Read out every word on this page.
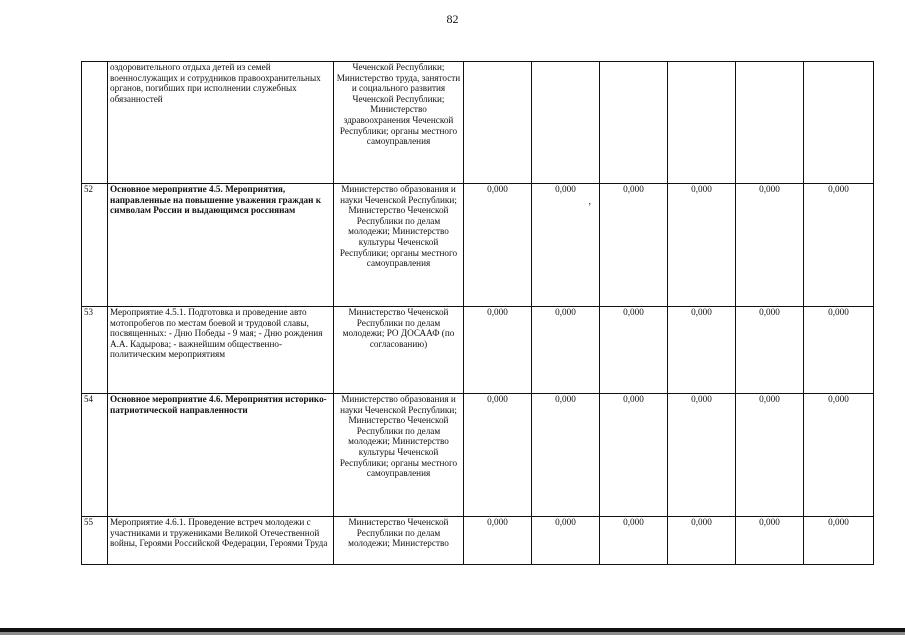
82
	оздоровительного отдыха детей из семей военнослужащих и сотрудников правоохранительных органов, погибших при исполнении служебных обязанностей	Чеченской Республики; Министерство труда, занятости и социального развития Чеченской Республики; Министерство здравоохранения Чеченской Республики; органы местного самоуправления						
52	Основное мероприятие 4.5. Мероприятия, направленные на повышение уважения граждан к символам России и выдающимся россиянам	Министерство образования и науки Чеченской Республики; Министерство Чеченской Республики по делам молодежи; Министерство культуры Чеченской Республики; органы местного самоуправления	0,000	0,000	0,000	0,000	0,000	0,000
53	Мероприятие 4.5.1. Подготовка и проведение авто мотопробегов по местам боевой и трудовой славы, посвященных: - Дню Победы - 9 мая; - Дню рождения А.А. Кадырова; - важнейшим общественно-политическим мероприятиям	Министерство Чеченской Республики по делам молодежи; РО ДОСААФ (по согласованию)	0,000	0,000	0,000	0,000	0,000	0,000
54	Основное мероприятие 4.6. Мероприятия историко-патриотической направленности	Министерство образования и науки Чеченской Республики; Министерство Чеченской Республики по делам молодежи; Министерство культуры Чеченской Республики; органы местного самоуправления	0,000	0,000	0,000	0,000	0,000	0,000
55	Мероприятие 4.6.1. Проведение встреч молодежи с участниками и тружениками Великой Отечественной войны, Героями Российской Федерации, Героями Труда	Министерство Чеченской Республики по делам молодежи; Министерство	0,000	0,000	0,000	0,000	0,000	0,000
’
